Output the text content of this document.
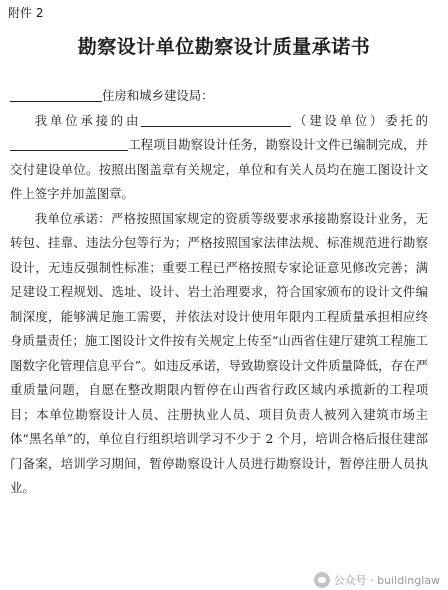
附件 2
勘察设计单位勘察设计质量承诺书

住房和城乡建设局：

我单位承接的由	（建设单位）委托的工程项目勘察设计任务，勘察设计文件已编制完成，并交付建设单位。按照出图盖章有关规定，单位和有关人员均在施工图设计文件上签字并加盖图章。

我单位承诺：严格按照国家规定的资质等级要求承接勘察设计业务，无转包、挂靠、违法分包等行为；严格按照国家法律法规、标准规范进行勘察设计，无违反强制性标准；重要工程已严格按照专家论证意见修改完善；满足建设工程规划、选址、设计、岩土治理要求，符合国家颁布的设计文件编制深度，能够满足施工需要，并依法对设计使用年限内工程质量承担相应终身质量责任；施工图设计文件按有关规定上传至“山西省住建厅建筑工程施工图数字化管理信息平台”。如违反承诺，导致勘察设计文件质量降低，存在严重质量问题，自愿在整改期限内暂停在山西省行政区域内承揽新的工程项目；本单位勘察设计人员、注册执业人员、项目负责人被列入建筑市场主体“黑名单”的，单位自行组织培训学习不少于 2 个月，培训合格后报住建部门备案，培训学习期间，暂停勘察设计人员进行勘察设计，暂停注册人员执业。

公众号 · buildinglaw
